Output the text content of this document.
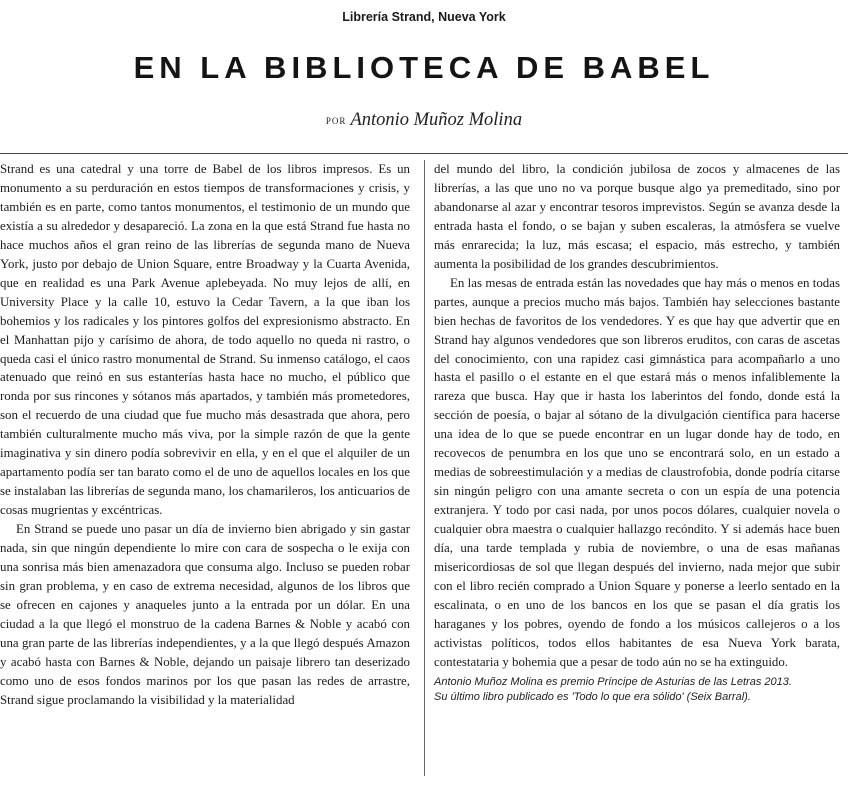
Librería Strand, Nueva York
EN LA BIBLIOTECA DE BABEL
POR Antonio Muñoz Molina

Strand es una catedral y una torre de Babel de los libros impresos. Es un monumento a su perduración en estos tiempos de transformaciones y crisis, y también es en parte, como tantos monumentos, el testimonio de un mundo que existía a su alrededor y desapareció. La zona en la que está Strand fue hasta no hace muchos años el gran reino de las librerías de segunda mano de Nueva York, justo por debajo de Union Square, entre Broadway y la Cuarta Avenida, que en realidad es una Park Avenue aplebeyada. No muy lejos de allí, en University Place y la calle 10, estuvo la Cedar Tavern, a la que iban los bohemios y los radicales y los pintores golfos del expresionismo abstracto. En el Manhattan pijo y carísimo de ahora, de todo aquello no queda ni rastro, o queda casi el único rastro monumental de Strand. Su inmenso catálogo, el caos atenuado que reinó en sus estanterías hasta hace no mucho, el público que ronda por sus rincones y sótanos más apartados, y también más prometedores, son el recuerdo de una ciudad que fue mucho más desastrada que ahora, pero también culturalmente mucho más viva, por la simple razón de que la gente imaginativa y sin dinero podía sobrevivir en ella, y en el que el alquiler de un apartamento podía ser tan barato como el de uno de aquellos locales en los que se instalaban las librerías de segunda mano, los chamarileros, los anticuarios de cosas mugrientas y excéntricas.

En Strand se puede uno pasar un día de invierno bien abrigado y sin gastar nada, sin que ningún dependiente lo mire con cara de sospecha o le exija con una sonrisa más bien amenazadora que consuma algo. Incluso se pueden robar sin gran problema, y en caso de extrema necesidad, algunos de los libros que se ofrecen en cajones y anaqueles junto a la entrada por un dólar. En una ciudad a la que llegó el monstruo de la cadena Barnes & Noble y acabó con una gran parte de las librerías independientes, y a la que llegó después Amazon y acabó hasta con Barnes & Noble, dejando un paisaje librero tan deserizado como uno de esos fondos marinos por los que pasan las redes de arrastre, Strand sigue proclamando la visibilidad y la materialidad

del mundo del libro, la condición jubilosa de zocos y almacenes de las librerías, a las que uno no va porque busque algo ya premeditado, sino por abandonarse al azar y encontrar tesoros imprevistos. Según se avanza desde la entrada hasta el fondo, o se bajan y suben escaleras, la atmósfera se vuelve más enrarecida; la luz, más escasa; el espacio, más estrecho, y también aumenta la posibilidad de los grandes descubrimientos.

En las mesas de entrada están las novedades que hay más o menos en todas partes, aunque a precios mucho más bajos. También hay selecciones bastante bien hechas de favoritos de los vendedores. Y es que hay que advertir que en Strand hay algunos vendedores que son libreros eruditos, con caras de ascetas del conocimiento, con una rapidez casi gimnástica para acompañarlo a uno hasta el pasillo o el estante en el que estará más o menos infaliblemente la rareza que busca. Hay que ir hasta los laberintos del fondo, donde está la sección de poesía, o bajar al sótano de la divulgación científica para hacerse una idea de lo que se puede encontrar en un lugar donde hay de todo, en recovecos de penumbra en los que uno se encontrará solo, en un estado a medias de sobreestimulación y a medias de claustrofobia, donde podría citarse sin ningún peligro con una amante secreta o con un espía de una potencia extranjera. Y todo por casi nada, por unos pocos dólares, cualquier novela o cualquier obra maestra o cualquier hallazgo recóndito. Y si además hace buen día, una tarde templada y rubia de noviembre, o una de esas mañanas misericordiosas de sol que llegan después del invierno, nada mejor que subir con el libro recién comprado a Union Square y ponerse a leerlo sentado en la escalinata, o en uno de los bancos en los que se pasan el día gratis los haraganes y los pobres, oyendo de fondo a los músicos callejeros o a los activistas políticos, todos ellos habitantes de esa Nueva York barata, contestataria y bohemia que a pesar de todo aún no se ha extinguido.

Antonio Muñoz Molina es premio Príncipe de Asturias de las Letras 2013.
Su último libro publicado es 'Todo lo que era sólido' (Seix Barral).
